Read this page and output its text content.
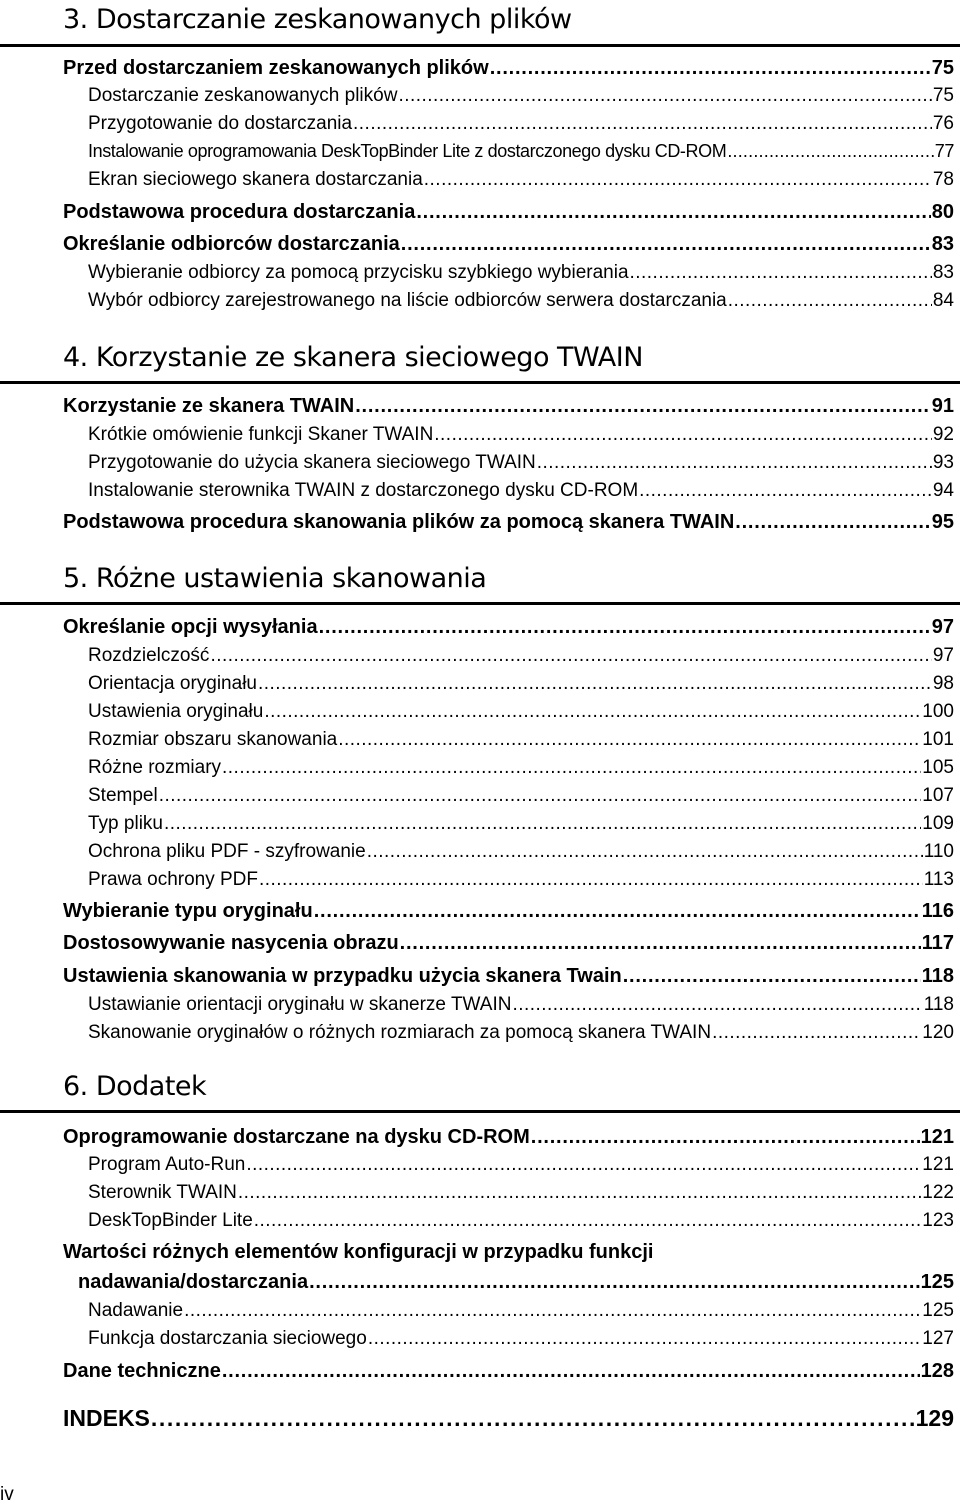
3. Dostarczanie zeskanowanych plików
Przed dostarczaniem zeskanowanych plików . . .	75
Dostarczanie zeskanowanych plików . . .	75
Przygotowanie do dostarczania . . .	76
Instalowanie oprogramowania DeskTopBinder Lite z dostarczonego dysku CD-ROM . . .	77
Ekran sieciowego skanera dostarczania . . .	78
Podstawowa procedura dostarczania . . .	80
Określanie odbiorców dostarczania . . .	83
Wybieranie odbiorcy za pomocą przycisku szybkiego wybierania . . .	83
Wybór odbiorcy zarejestrowanego na liście odbiorców serwera dostarczania . . .	84
4. Korzystanie ze skanera sieciowego TWAIN
Korzystanie ze skanera TWAIN . . .	91
Krótkie omówienie funkcji Skaner TWAIN . . .	92
Przygotowanie do użycia skanera sieciowego TWAIN . . .	93
Instalowanie sterownika TWAIN z dostarczonego dysku CD-ROM . . .	94
Podstawowa procedura skanowania plików za pomocą skanera TWAIN . . .	95
5. Różne ustawienia skanowania
Określanie opcji wysyłania . . .	97
Rozdzielczość . . .	97
Orientacja oryginału . . .	98
Ustawienia oryginału . . .	100
Rozmiar obszaru skanowania . . .	101
Różne rozmiary . . .	105
Stempel . . .	107
Typ pliku . . .	109
Ochrona pliku PDF - szyfrowanie . . .	110
Prawa ochrony PDF . . .	113
Wybieranie typu oryginału . . .	116
Dostosowywanie nasycenia obrazu . . .	117
Ustawienia skanowania w przypadku użycia skanera Twain . . .	118
Ustawianie orientacji oryginału w skanerze TWAIN . . .	118
Skanowanie oryginałów o różnych rozmiarach za pomocą skanera TWAIN . . .	120
6. Dodatek
Oprogramowanie dostarczane na dysku CD-ROM . . .	121
Program Auto-Run . . .	121
Sterownik TWAIN . . .	122
DeskTopBinder Lite . . .	123
Wartości różnych elementów konfiguracji w przypadku funkcji
nadawania/dostarczania . . .	125
Nadawanie . . .	125
Funkcja dostarczania sieciowego . . .	127
Dane techniczne . . .	128
INDEKS . . .	129
iv
